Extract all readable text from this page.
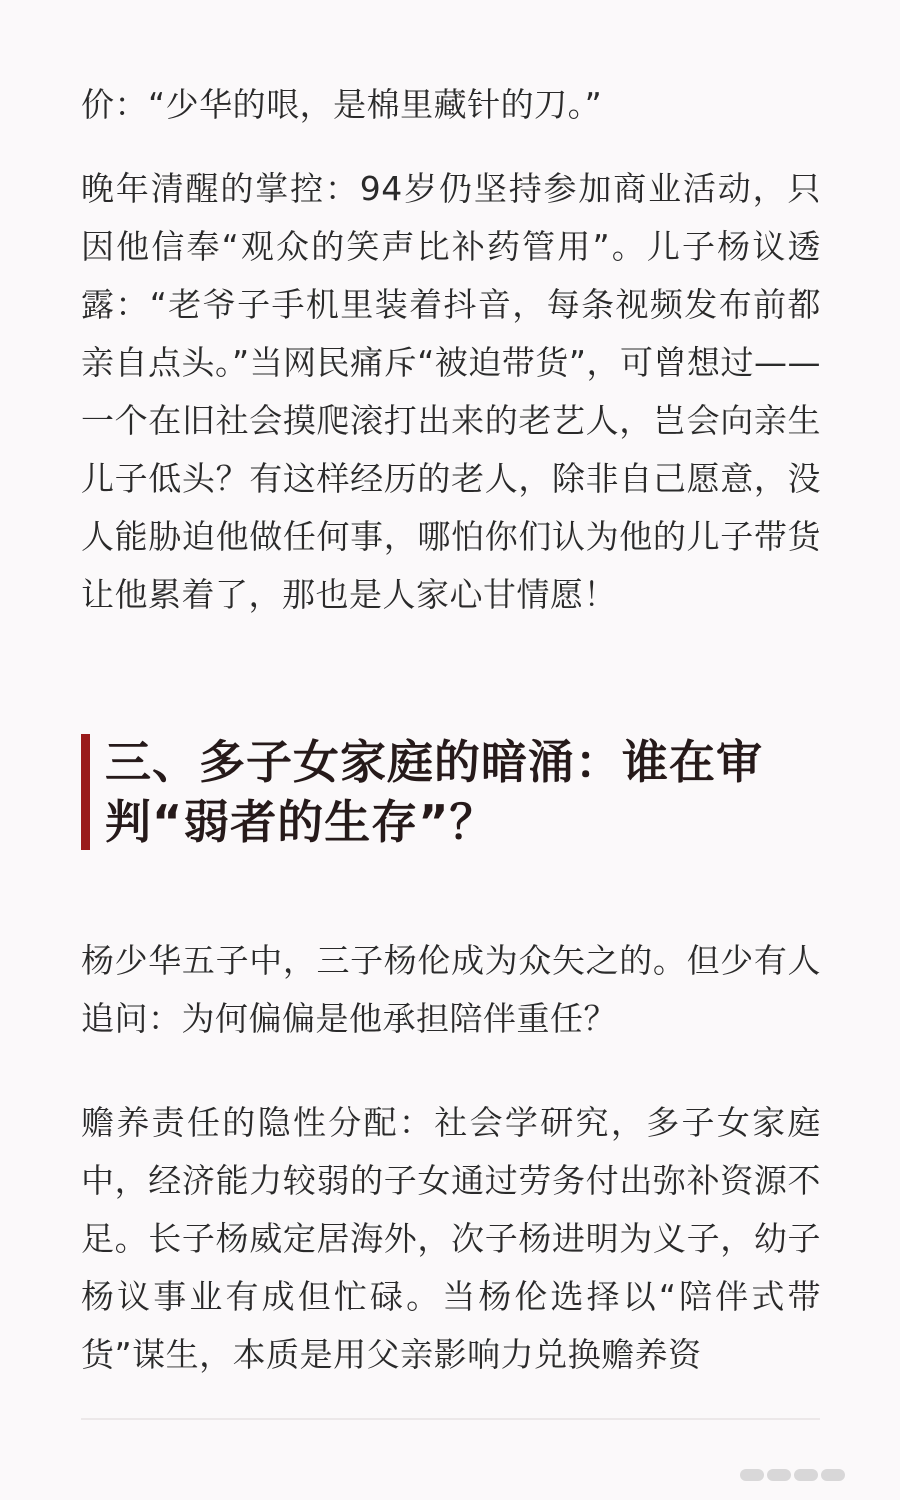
价：“少华的哏，是棉里藏针的刀。”

晚年清醒的掌控：94岁仍坚持参加商业活动，只因他信奉“观众的笑声比补药管用”。儿子杨议透露：“老爷子手机里装着抖音，每条视频发布前都亲自点头。”当网民痛斥“被迫带货”，可曾想过——一个在旧社会摸爬滚打出来的老艺人，岂会向亲生儿子低头？有这样经历的老人，除非自己愿意，没人能胁迫他做任何事，哪怕你们认为他的儿子带货让他累着了，那也是人家心甘情愿！

三、多子女家庭的暗涌：谁在审判“弱者的生存”？

杨少华五子中，三子杨伦成为众矢之的。但少有人追问：为何偏偏是他承担陪伴重任？

赡养责任的隐性分配：社会学研究，多子女家庭中，经济能力较弱的子女通过劳务付出弥补资源不足。长子杨威定居海外，次子杨进明为义子，幼子杨议事业有成但忙碌。当杨伦选择以“陪伴式带货”谋生，本质是用父亲影响力兑换赡养资
